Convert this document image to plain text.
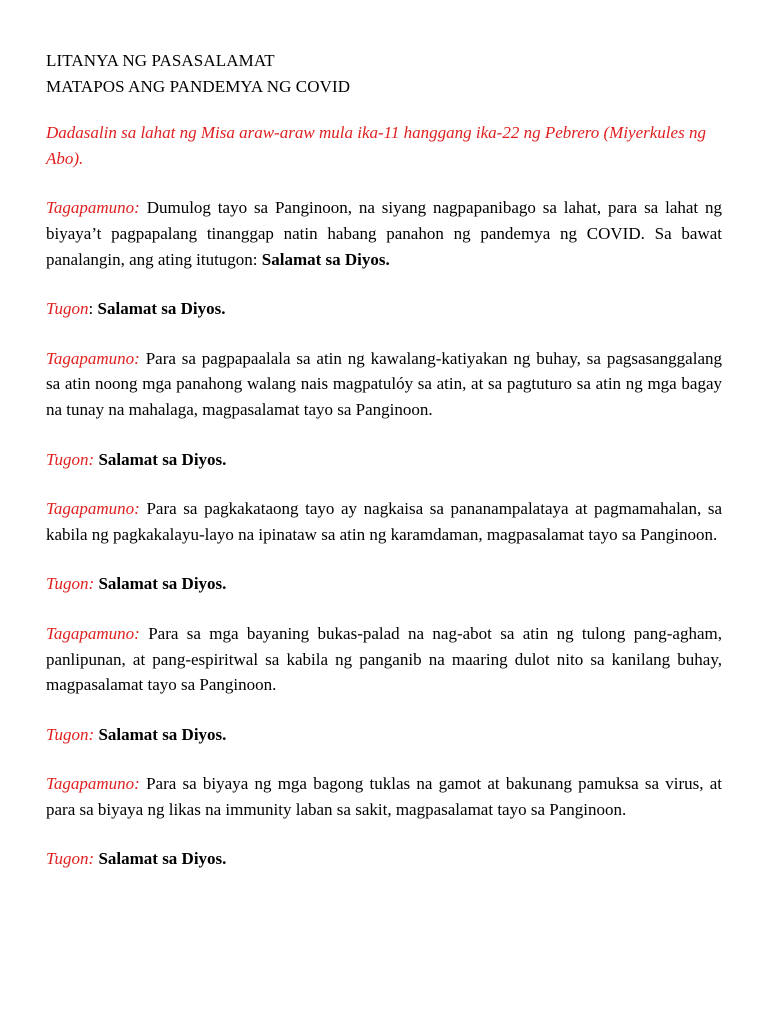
LITANYA NG PASASALAMAT
MATAPOS ANG PANDEMYA NG COVID

Dadasalin sa lahat ng Misa araw-araw mula ika-11 hanggang ika-22 ng Pebrero (Miyerkules ng Abo).

Tagapamuno: Dumulog tayo sa Panginoon, na siyang nagpapanibago sa lahat, para sa lahat ng biyaya’t pagpapalang tinanggap natin habang panahon ng pandemya ng COVID. Sa bawat panalangin, ang ating itutugon: Salamat sa Diyos.

Tugon: Salamat sa Diyos.

Tagapamuno: Para sa pagpapaalala sa atin ng kawalang-katiyakan ng buhay, sa pagsasanggalang sa atin noong mga panahong walang nais magpatulóy sa atin, at sa pagtuturo sa atin ng mga bagay na tunay na mahalaga, magpasalamat tayo sa Panginoon.

Tugon: Salamat sa Diyos.

Tagapamuno: Para sa pagkakataong tayo ay nagkaisa sa pananampalataya at pagmamahalan, sa kabila ng pagkakalayu-layo na ipinataw sa atin ng karamdaman, magpasalamat tayo sa Panginoon.

Tugon: Salamat sa Diyos.

Tagapamuno: Para sa mga bayaning bukas-palad na nag-abot sa atin ng tulong pang-agham, panlipunan, at pang-espiritwal sa kabila ng panganib na maaring dulot nito sa kanilang buhay, magpasalamat tayo sa Panginoon.

Tugon: Salamat sa Diyos.

Tagapamuno: Para sa biyaya ng mga bagong tuklas na gamot at bakunang pamuksa sa virus, at para sa biyaya ng likas na immunity laban sa sakit, magpasalamat tayo sa Panginoon.

Tugon: Salamat sa Diyos.
